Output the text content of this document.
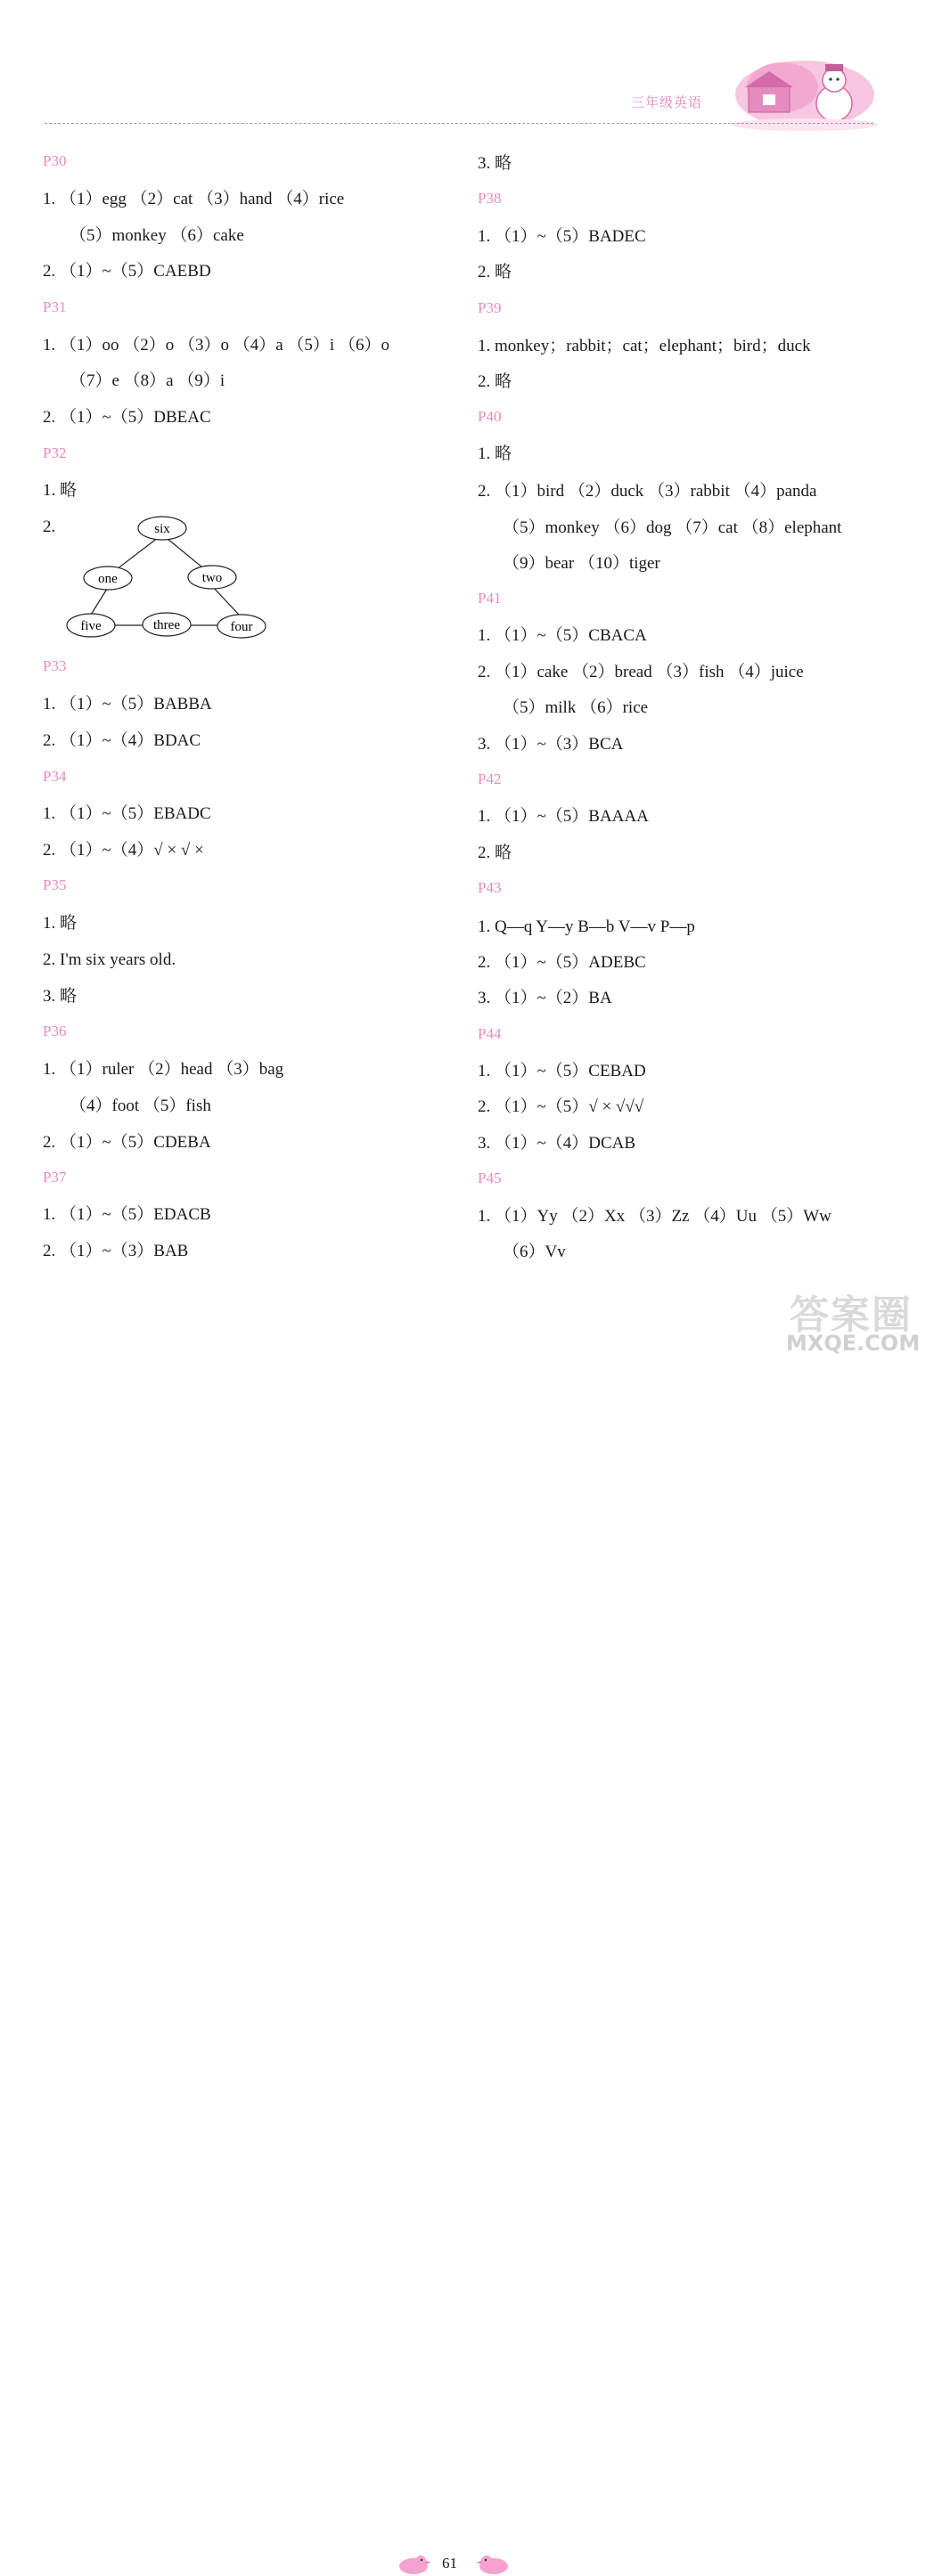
三年级英语
P30
1. （1）egg （2）cat （3）hand （4）rice
（5）monkey （6）cake
2. （1）~（5）CAEBD
P31
1. （1）oo （2）o （3）o （4）a （5）i （6）o
（7）e （8）a （9）i
2. （1）~（5）DBEAC
P32
1. 略
2.
P33
1. （1）~（5）BABBA
2. （1）~（4）BDAC
P34
1. （1）~（5）EBADC
2. （1）~（4）√ × √ ×
P35
1. 略
2. I'm six years old.
3. 略
P36
1. （1）ruler （2）head （3）bag
（4）foot （5）fish
2. （1）~（5）CDEBA
P37
1. （1）~（5）EDACB
2. （1）~（3）BAB
3. 略
P38
1. （1）~（5）BADEC
2. 略
P39
1. monkey；rabbit；cat；elephant；bird；duck
2. 略
P40
1. 略
2. （1）bird （2）duck （3）rabbit （4）panda
（5）monkey （6）dog （7）cat （8）elephant
（9）bear （10）tiger
P41
1. （1）~（5）CBACA
2. （1）cake （2）bread （3）fish （4）juice
（5）milk （6）rice
3. （1）~（3）BCA
P42
1. （1）~（5）BAAAA
2. 略
P43
1. Q—q Y—y B—b V—v P—p
2. （1）~（5）ADEBC
3. （1）~（2）BA
P44
1. （1）~（5）CEBAD
2. （1）~（5）√ × √√√
3. （1）~（4）DCAB
P45
1. （1）Yy （2）Xx （3）Zz （4）Uu （5）Ww
（6）Vv
six
one	two
five	three	four
61
答案圈
MXQE.COM
